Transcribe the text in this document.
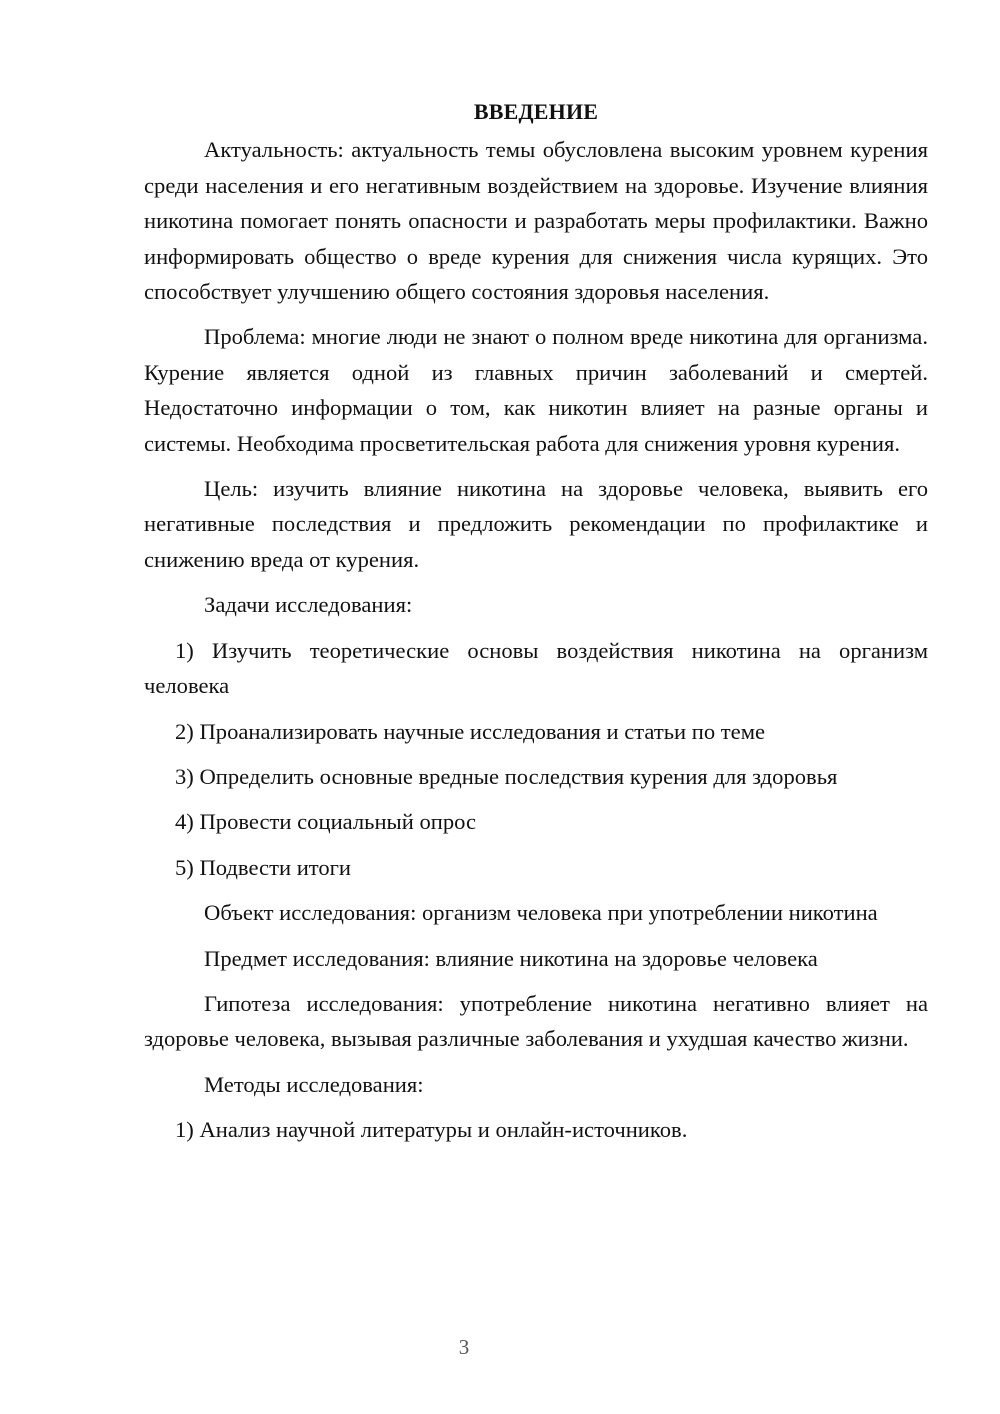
ВВЕДЕНИЕ

Актуальность: актуальность темы обусловлена высоким уровнем курения среди населения и его негативным воздействием на здоровье. Изучение влияния никотина помогает понять опасности и разработать меры профилактики. Важно информировать общество о вреде курения для снижения числа курящих. Это способствует улучшению общего состояния здоровья населения.

Проблема: многие люди не знают о полном вреде никотина для организма. Курение является одной из главных причин заболеваний и смертей. Недостаточно информации о том, как никотин влияет на разные органы и системы. Необходима просветительская работа для снижения уровня курения.

Цель: изучить влияние никотина на здоровье человека, выявить его негативные последствия и предложить рекомендации по профилактике и снижению вреда от курения.

Задачи исследования:

1) Изучить теоретические основы воздействия никотина на организм человека

2) Проанализировать научные исследования и статьи по теме

3) Определить основные вредные последствия курения для здоровья

4) Провести социальный опрос

5) Подвести итоги

Объект исследования: организм человека при употреблении никотина

Предмет исследования: влияние никотина на здоровье человека

Гипотеза исследования: употребление никотина негативно влияет на здоровье человека, вызывая различные заболевания и ухудшая качество жизни.

Методы исследования:

1) Анализ научной литературы и онлайн-источников.

3
